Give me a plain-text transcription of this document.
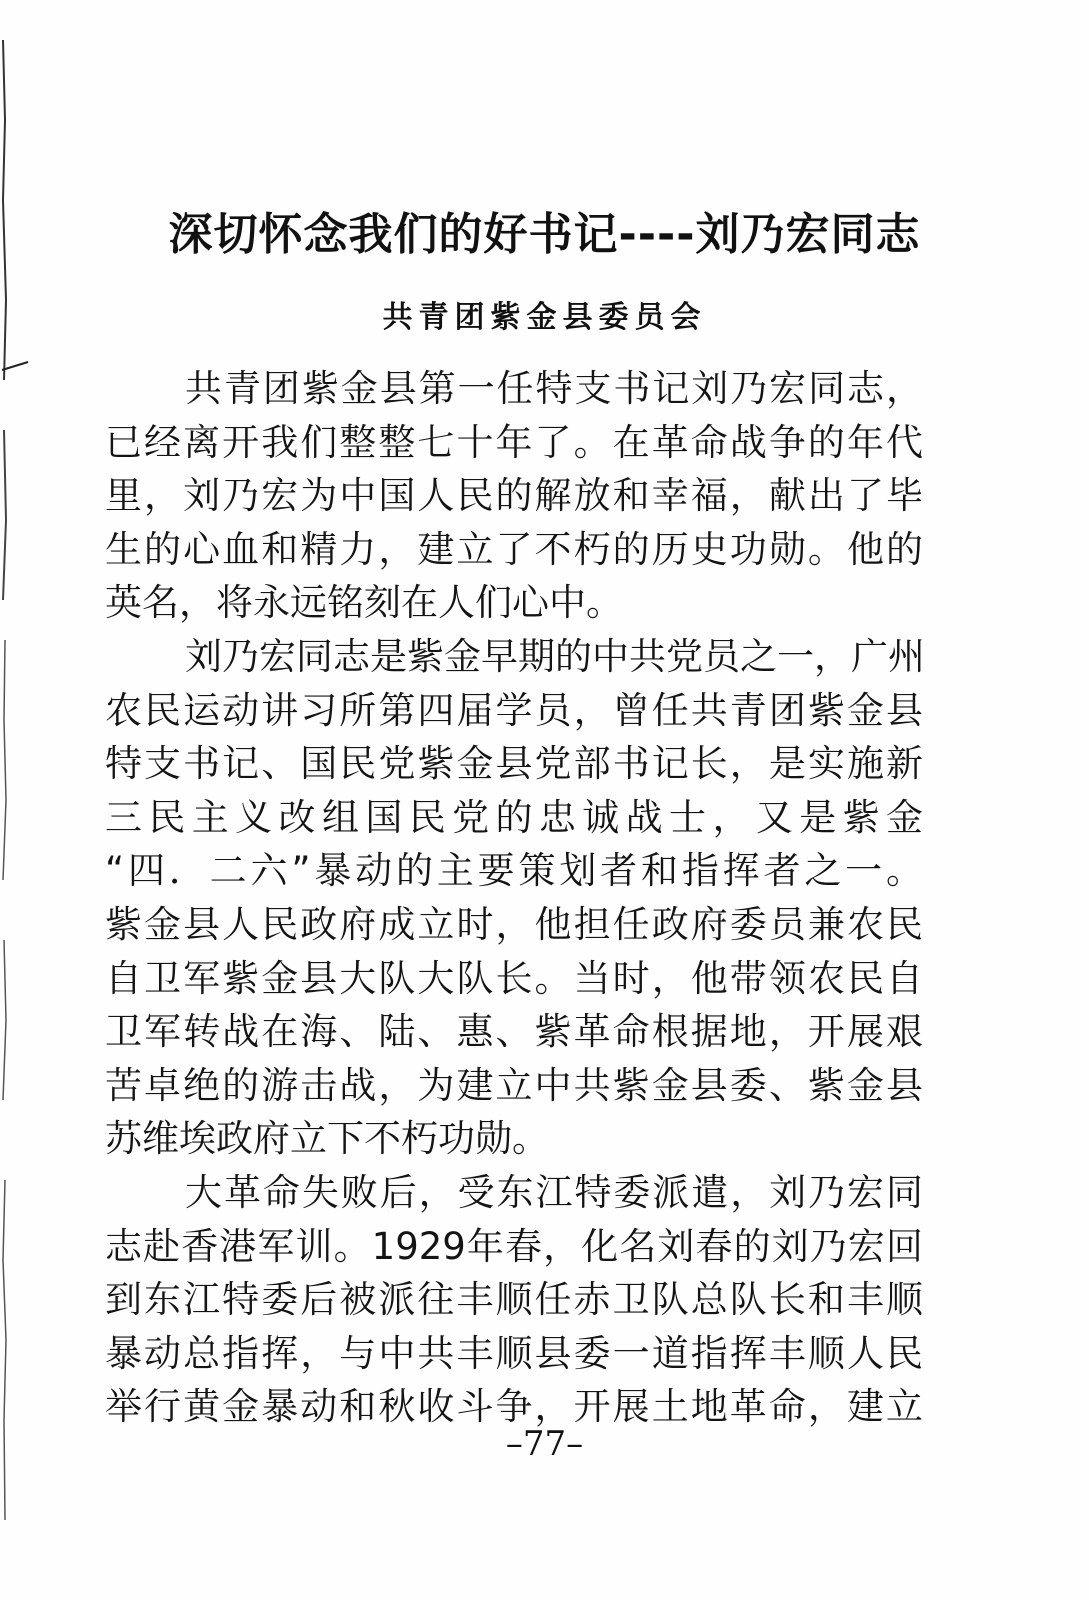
深切怀念我们的好书记----刘乃宏同志
共青团紫金县委员会
共青团紫金县第一任特支书记刘乃宏同志，
已经离开我们整整七十年了。在革命战争的年代
里，刘乃宏为中国人民的解放和幸福，献出了毕
生的心血和精力，建立了不朽的历史功勋。他的
英名，将永远铭刻在人们心中。
刘乃宏同志是紫金早期的中共党员之一，广州
农民运动讲习所第四届学员，曾任共青团紫金县
特支书记、国民党紫金县党部书记长，是实施新
三民主义改组国民党的忠诚战士，又是紫金
“四．二六”暴动的主要策划者和指挥者之一。
紫金县人民政府成立时，他担任政府委员兼农民
自卫军紫金县大队大队长。当时，他带领农民自
卫军转战在海、陆、惠、紫革命根据地，开展艰
苦卓绝的游击战，为建立中共紫金县委、紫金县
苏维埃政府立下不朽功勋。
大革命失败后，受东江特委派遣，刘乃宏同
志赴香港军训。1929年春，化名刘春的刘乃宏回
到东江特委后被派往丰顺任赤卫队总队长和丰顺
暴动总指挥，与中共丰顺县委一道指挥丰顺人民
举行黄金暴动和秋收斗争，开展土地革命，建立
–77–
